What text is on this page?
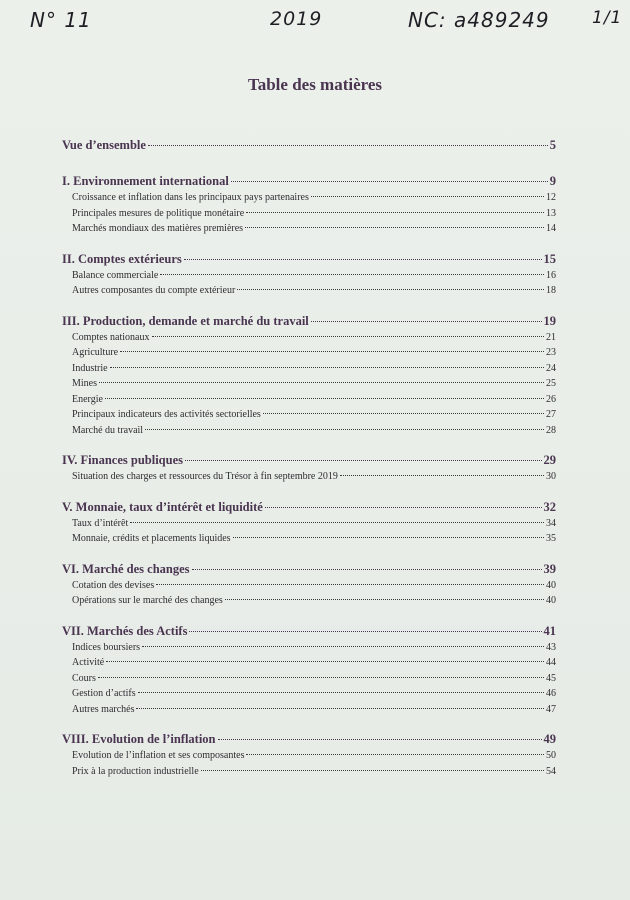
N° 11	2019	NC: a489249 1/1
Table des matières
Vue d’ensemble	5
I. Environnement international	9
Croissance et inflation dans les principaux pays partenaires	12
Principales mesures de politique monétaire	13
Marchés mondiaux des matières premières	14
II. Comptes extérieurs	15
Balance commerciale	16
Autres composantes du compte extérieur	18
III. Production, demande et marché du travail	19
Comptes nationaux	21
Agriculture	23
Industrie	24
Mines	25
Energie	26
Principaux indicateurs des activités sectorielles	27
Marché du travail	28
IV. Finances publiques	29
Situation des charges et ressources du Trésor à fin septembre 2019	30
V. Monnaie, taux d’intérêt et liquidité	32
Taux d’intérêt	34
Monnaie, crédits et placements liquides	35
VI. Marché des changes	39
Cotation des devises	40
Opérations sur le marché des changes	40
VII. Marchés des Actifs	41
Indices boursiers	43
Activité	44
Cours	45
Gestion d’actifs	46
Autres marchés	47
VIII. Evolution de l’inflation	49
Evolution de l’inflation et ses composantes	50
Prix à la production industrielle	54
